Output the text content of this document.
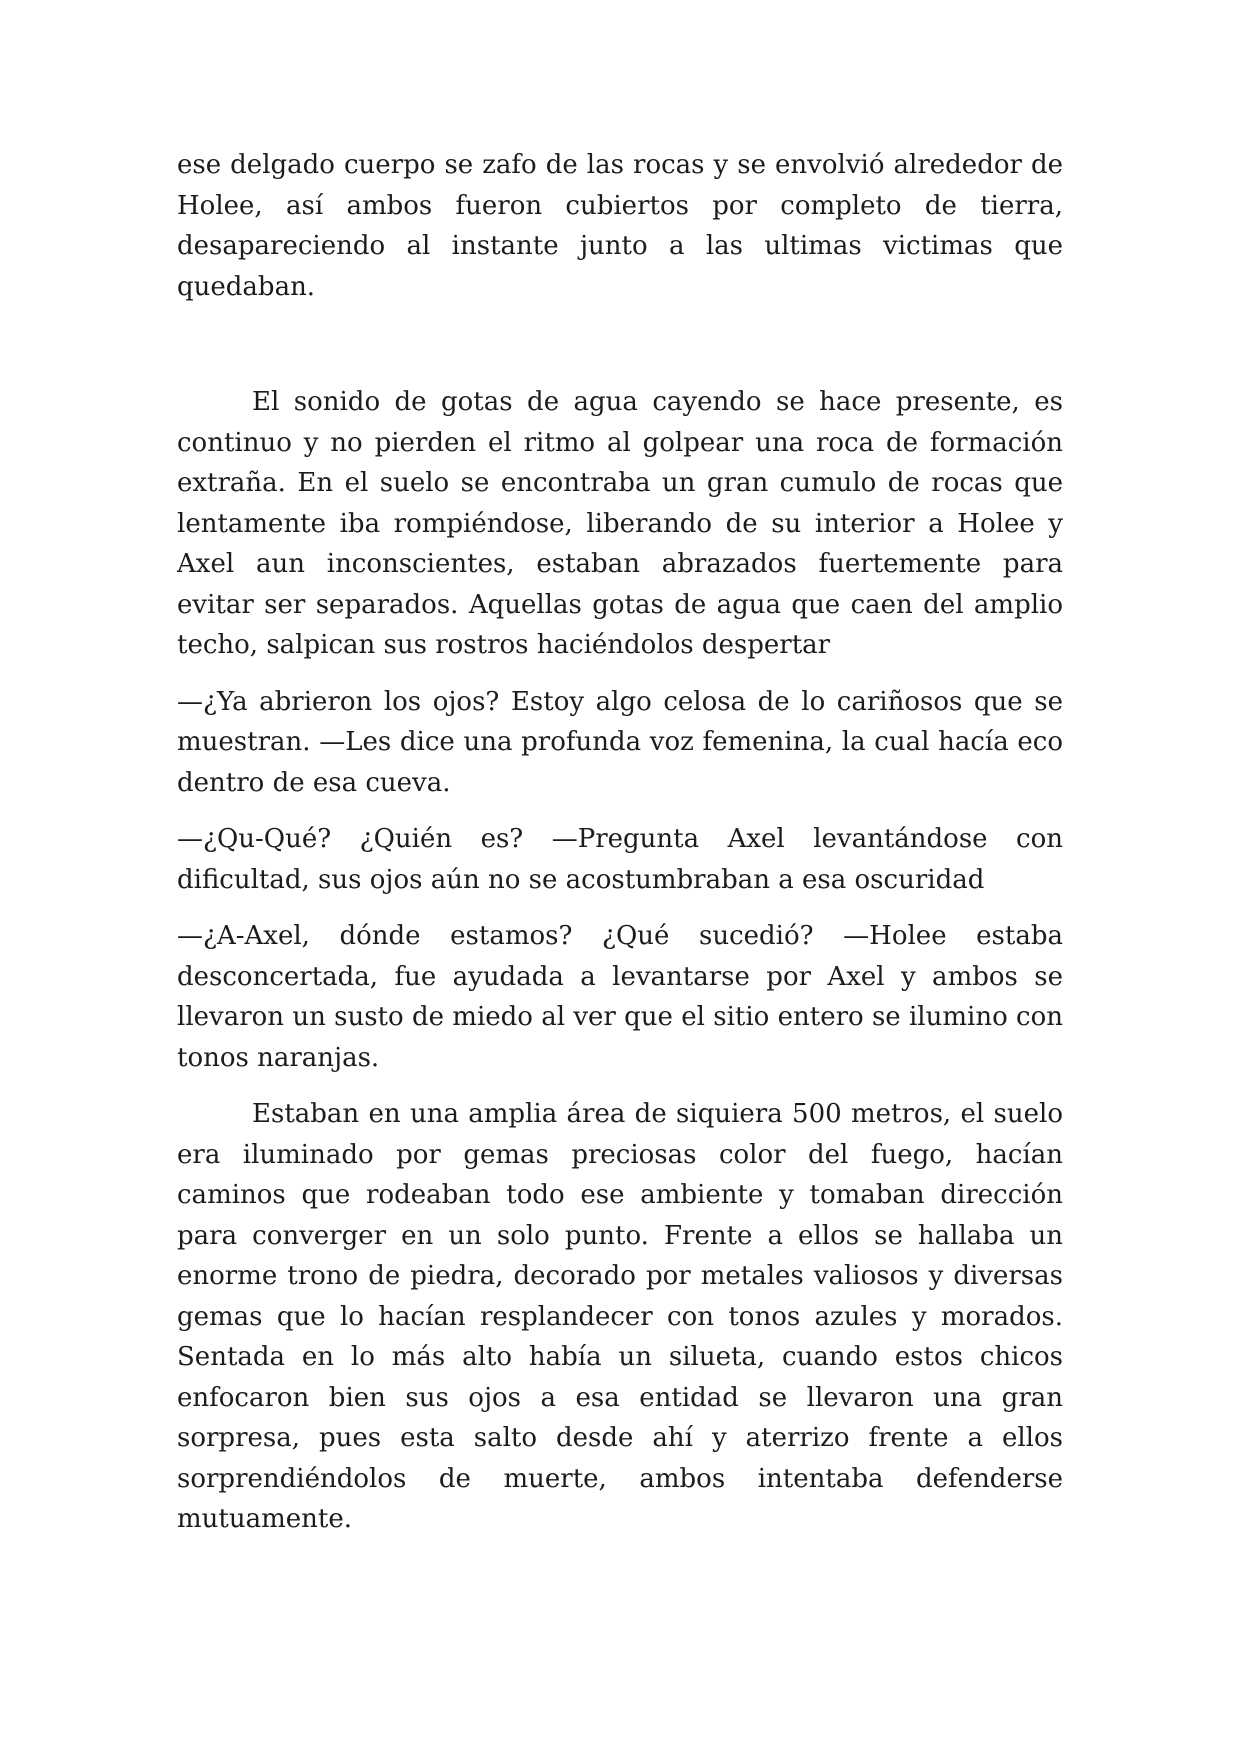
ese delgado cuerpo se zafo de las rocas y se envolvió alrededor de Holee, así ambos fueron cubiertos por completo de tierra, desapareciendo al instante junto a las ultimas victimas que quedaban.

El sonido de gotas de agua cayendo se hace presente, es continuo y no pierden el ritmo al golpear una roca de formación extraña. En el suelo se encontraba un gran cumulo de rocas que lentamente iba rompiéndose, liberando de su interior a Holee y Axel aun inconscientes, estaban abrazados fuertemente para evitar ser separados. Aquellas gotas de agua que caen del amplio techo, salpican sus rostros haciéndolos despertar

—¿Ya abrieron los ojos? Estoy algo celosa de lo cariñosos que se muestran. —Les dice una profunda voz femenina, la cual hacía eco dentro de esa cueva.

—¿Qu-Qué? ¿Quién es? —Pregunta Axel levantándose con dificultad, sus ojos aún no se acostumbraban a esa oscuridad

—¿A-Axel, dónde estamos? ¿Qué sucedió? —Holee estaba desconcertada, fue ayudada a levantarse por Axel y ambos se llevaron un susto de miedo al ver que el sitio entero se ilumino con tonos naranjas.

Estaban en una amplia área de siquiera 500 metros, el suelo era iluminado por gemas preciosas color del fuego, hacían caminos que rodeaban todo ese ambiente y tomaban dirección para converger en un solo punto. Frente a ellos se hallaba un enorme trono de piedra, decorado por metales valiosos y diversas gemas que lo hacían resplandecer con tonos azules y morados. Sentada en lo más alto había un silueta, cuando estos chicos enfocaron bien sus ojos a esa entidad se llevaron una gran sorpresa, pues esta salto desde ahí y aterrizo frente a ellos sorprendiéndolos de muerte, ambos intentaba defenderse mutuamente.
